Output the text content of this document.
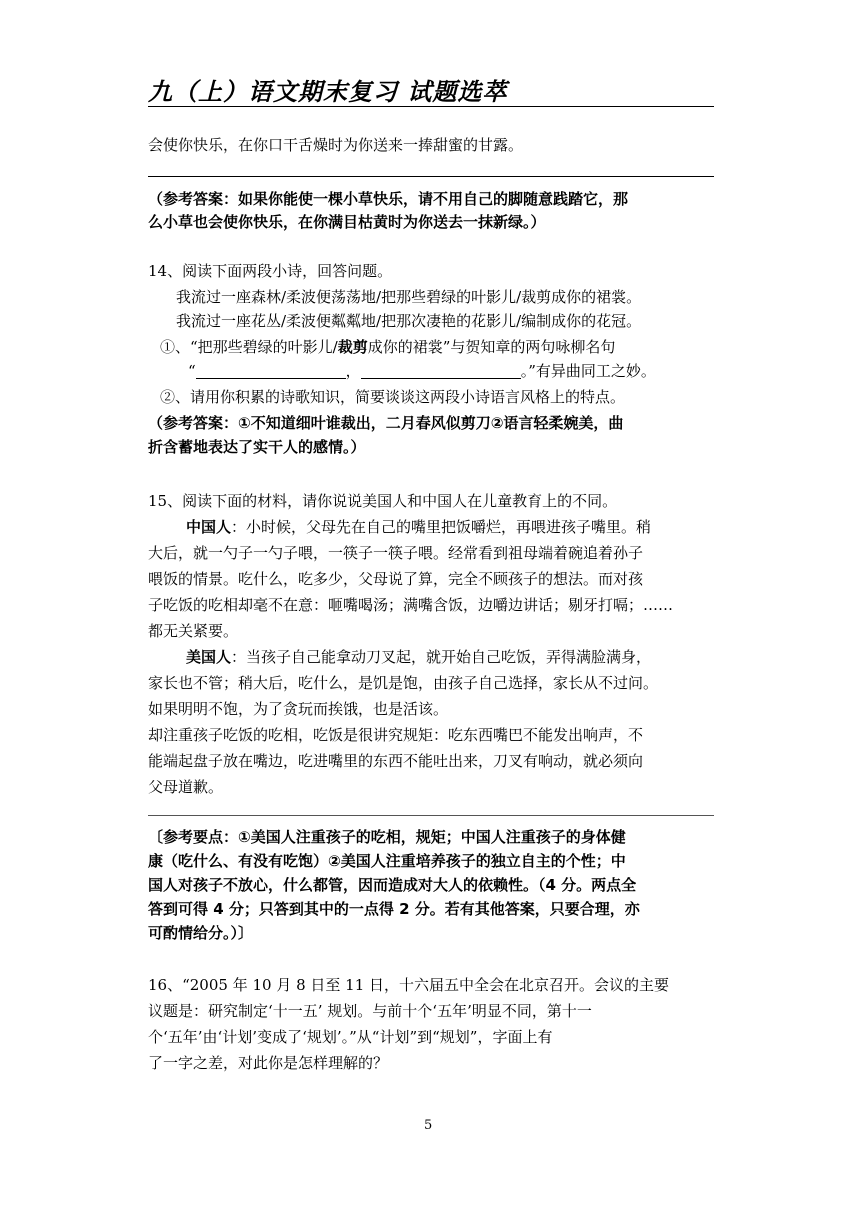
九（上）语文期末复习 试题选萃
会使你快乐，在你口干舌燥时为你送来一捧甜蜜的甘露。
（参考答案：如果你能使一棵小草快乐，请不用自己的脚随意践踏它，那
么小草也会使你快乐，在你满目枯黄时为你送去一抹新绿。）
14、阅读下面两段小诗，回答问题。
我流过一座森林/柔波便荡荡地/把那些碧绿的叶影儿/裁剪成你的裙裳。
我流过一座花丛/柔波便粼粼地/把那次凄艳的花影儿/编制成你的花冠。
①、“把那些碧绿的叶影儿/裁剪成你的裙裳”与贺知章的两句咏柳名句
“	，	。”有异曲同工之妙。
②、请用你积累的诗歌知识，简要谈谈这两段小诗语言风格上的特点。
（参考答案：①不知道细叶谁裁出，二月春风似剪刀②语言轻柔婉美，曲
折含蓄地表达了实干人的感情。）
15、阅读下面的材料，请你说说美国人和中国人在儿童教育上的不同。
中国人：小时候，父母先在自己的嘴里把饭嚼烂，再喂进孩子嘴里。稍
大后，就一勺子一勺子喂，一筷子一筷子喂。经常看到祖母端着碗追着孙子
喂饭的情景。吃什么，吃多少，父母说了算，完全不顾孩子的想法。而对孩
子吃饭的吃相却毫不在意：咂嘴喝汤；满嘴含饭，边嚼边讲话；剔牙打嗝；……
都无关紧要。
美国人：当孩子自己能拿动刀叉起，就开始自己吃饭，弄得满脸满身，
家长也不管；稍大后，吃什么，是饥是饱，由孩子自己选择，家长从不过问。
如果明明不饱，为了贪玩而挨饿，也是活该。
却注重孩子吃饭的吃相，吃饭是很讲究规矩：吃东西嘴巴不能发出响声，不
能端起盘子放在嘴边，吃进嘴里的东西不能吐出来，刀叉有响动，就必须向
父母道歉。
〔参考要点：①美国人注重孩子的吃相，规矩；中国人注重孩子的身体健
康（吃什么、有没有吃饱）②美国人注重培养孩子的独立自主的个性；中
国人对孩子不放心，什么都管，因而造成对大人的依赖性。（4 分。两点全
答到可得 4 分；只答到其中的一点得 2 分。若有其他答案，只要合理，亦
可酌情给分。）〕
16、“2005 年 10 月 8 日至 11 日，十六届五中全会在北京召开。会议的主要
议题是：研究制定‘十一五’ 规划。与前十个‘五年’明显不同，第十一
个‘五年’由‘计划’变成了‘规划’。”从“计划”到“规划”，字面上有
了一字之差，对此你是怎样理解的？
5
